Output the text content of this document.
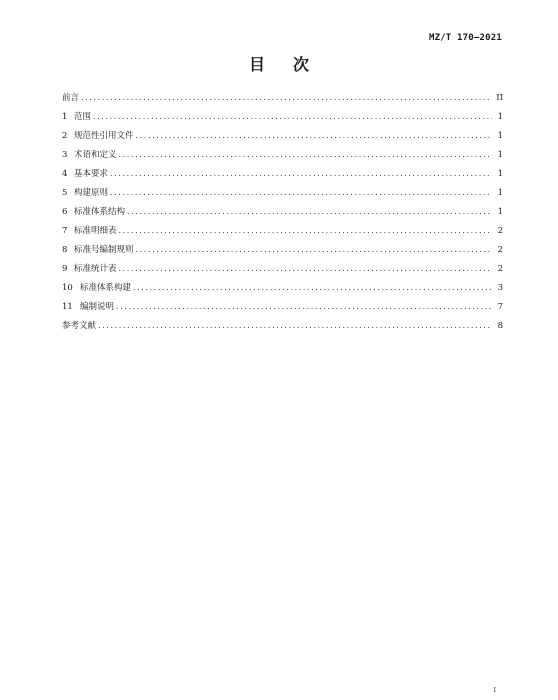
MZ/T 170—2021
目次
前言 .....	II
1 范围 .....	1
2 规范性引用文件 .....	1
3 术语和定义 .....	1
4 基本要求 .....	1
5 构建原则 .....	1
6 标准体系结构 .....	1
7 标准明细表 .....	2
8 标准号编制规则 .....	2
9 标准统计表 .....	2
10 标准体系构建 .....	3
11 编制说明 .....	7
参考文献 .....	8
I
